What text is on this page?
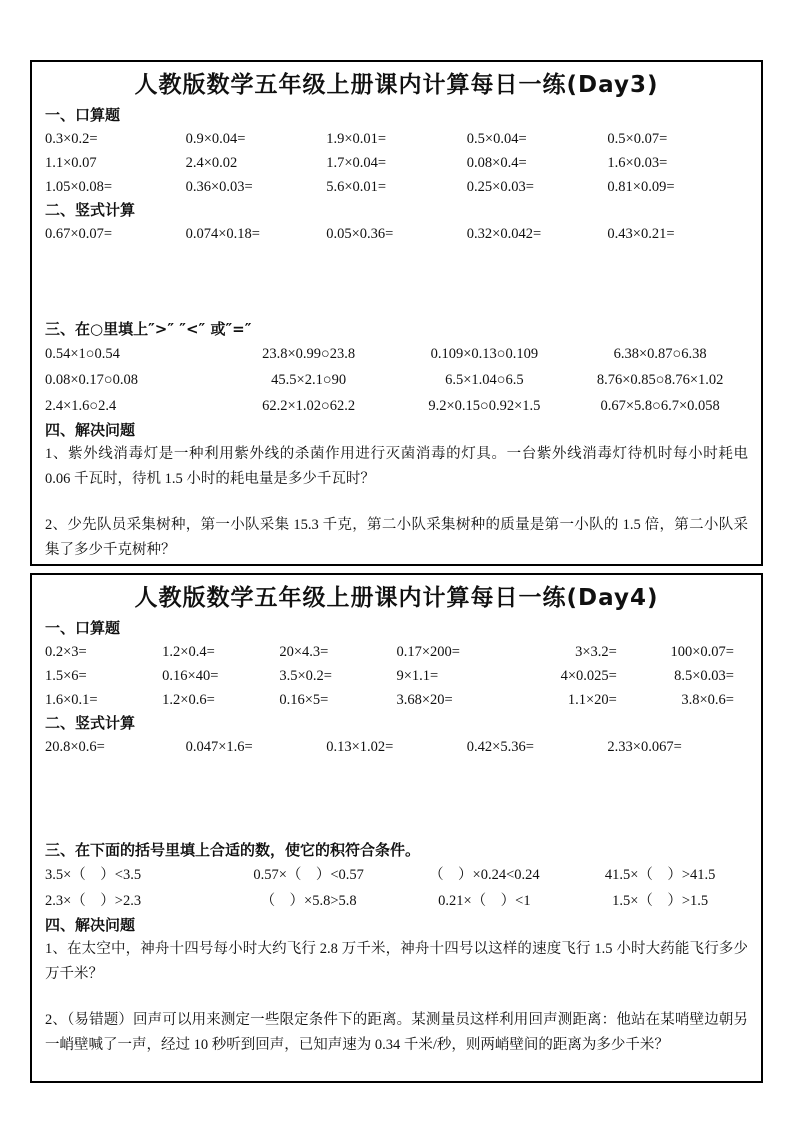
人教版数学五年级上册课内计算每日一练(Day3)
一、口算题
0.3×0.2=	0.9×0.04=	1.9×0.01=	0.5×0.04=	0.5×0.07=
1.1×0.07	2.4×0.02	1.7×0.04=	0.08×0.4=	1.6×0.03=
1.05×0.08=	0.36×0.03=	5.6×0.01=	0.25×0.03=	0.81×0.09=
二、竖式计算
0.67×0.07=	0.074×0.18=	0.05×0.36=	0.32×0.042=	0.43×0.21=
三、在○里填上″>″ ″<″ 或″=″
0.54×1○0.54	23.8×0.99○23.8	0.109×0.13○0.109	6.38×0.87○6.38
0.08×0.17○0.08	45.5×2.1○90	6.5×1.04○6.5	8.76×0.85○8.76×1.02
2.4×1.6○2.4	62.2×1.02○62.2	9.2×0.15○0.92×1.5	0.67×5.8○6.7×0.058
四、解决问题

1、紫外线消毒灯是一种利用紫外线的杀菌作用进行灭菌消毒的灯具。一台紫外线消毒灯待机时每小时耗电 0.06 千瓦时，待机 1.5 小时的耗电量是多少千瓦时？

2、少先队员采集树种，第一小队采集 15.3 千克，第二小队采集树种的质量是第一小队的 1.5 倍，第二小队采集了多少千克树种？

人教版数学五年级上册课内计算每日一练(Day4)
一、口算题
0.2×3=	1.2×0.4=	20×4.3=	0.17×200=	3×3.2=	100×0.07=
1.5×6=	0.16×40=	3.5×0.2=	9×1.1=	4×0.025=	8.5×0.03=
1.6×0.1=	1.2×0.6=	0.16×5=	3.68×20=	1.1×20=	3.8×0.6=
二、竖式计算
20.8×0.6=	0.047×1.6=	0.13×1.02=	0.42×5.36=	2.33×0.067=
三、在下面的括号里填上合适的数，使它的积符合条件。
3.5×（　）<3.5	0.57×（　）<0.57	（　）×0.24<0.24	41.5×（　）>41.5
2.3×（　）>2.3	（　）×5.8>5.8	0.21×（　）<1	1.5×（　）>1.5
四、解决问题

1、在太空中，神舟十四号每小时大约飞行 2.8 万千米，神舟十四号以这样的速度飞行 1.5 小时大药能飞行多少万千米？

2、（易错题）回声可以用来测定一些限定条件下的距离。某测量员这样利用回声测距离：他站在某哨壁边朝另一峭壁喊了一声，经过 10 秒听到回声，已知声速为 0.34 千米/秒，则两峭壁间的距离为多少千米？
